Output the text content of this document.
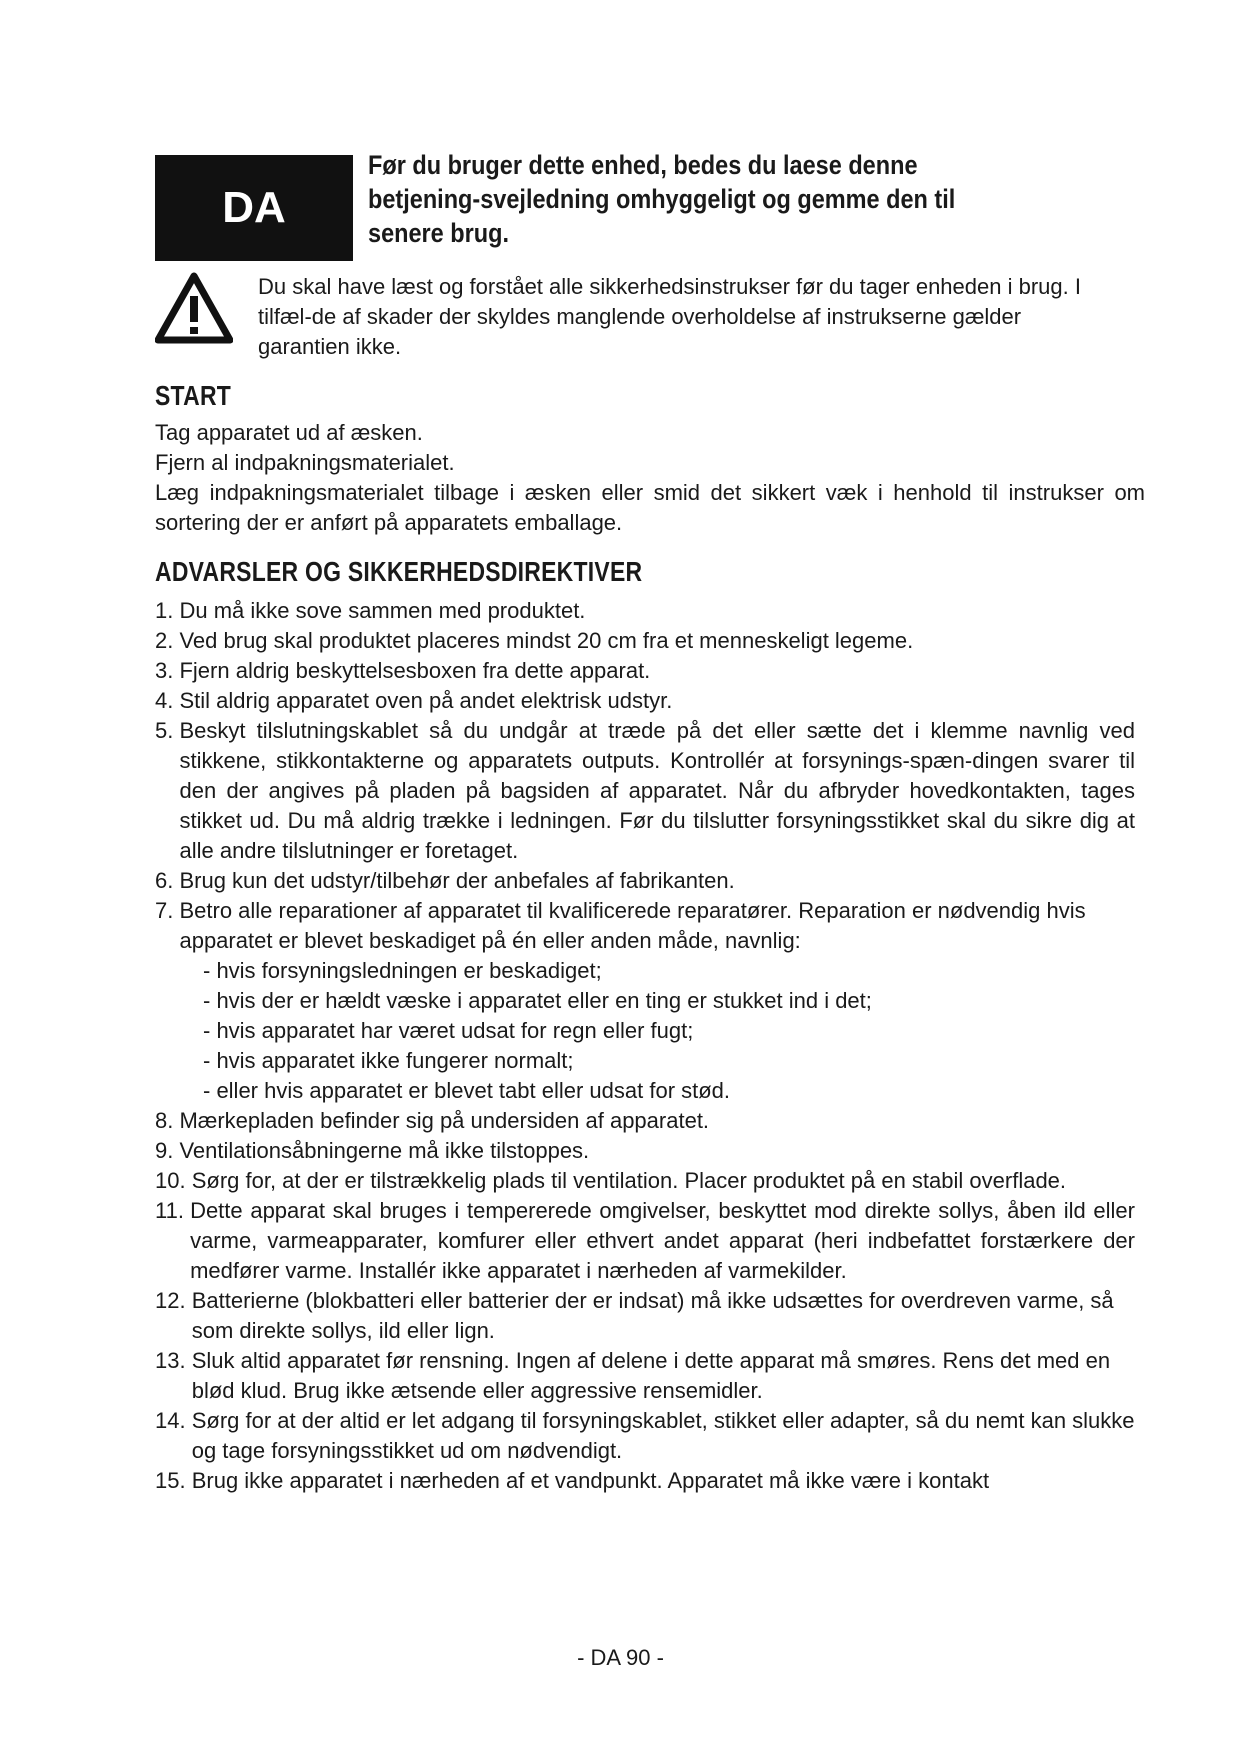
DA
Før du bruger dette enhed, bedes du laese denne betjening-svejledning omhyggeligt og gemme den til senere brug.
Du skal have læst og forstået alle sikkerhedsinstrukser før du tager enheden i brug. I tilfæl-de af skader der skyldes manglende overholdelse af instrukserne gælder garantien ikke.
START
Tag apparatet ud af æsken.
Fjern al indpakningsmaterialet.
Læg indpakningsmaterialet tilbage i æsken eller smid det sikkert væk i henhold til instrukser om sortering der er anført på apparatets emballage.
ADVARSLER OG SIKKERHEDSDIREKTIVER
1. Du må ikke sove sammen med produktet.
2. Ved brug skal produktet placeres mindst 20 cm fra et menneskeligt legeme.
3. Fjern aldrig beskyttelsesboxen fra dette apparat.
4. Stil aldrig apparatet oven på andet elektrisk udstyr.
5. Beskyt tilslutningskablet så du undgår at træde på det eller sætte det i klemme navnlig ved stikkene, stikkontakterne og apparatets outputs. Kontrollér at forsynings-spæn-dingen svarer til den der angives på pladen på bagsiden af apparatet. Når du afbryder hovedkontakten, tages stikket ud. Du må aldrig trække i ledningen. Før du tilslutter forsyningsstikket skal du sikre dig at alle andre tilslutninger er foretaget.
6. Brug kun det udstyr/tilbehør der anbefales af fabrikanten.
7. Betro alle reparationer af apparatet til kvalificerede reparatører. Reparation er nødvendig hvis apparatet er blevet beskadiget på én eller anden måde, navnlig:
- hvis forsyningsledningen er beskadiget;
- hvis der er hældt væske i apparatet eller en ting er stukket ind i det;
- hvis apparatet har været udsat for regn eller fugt;
- hvis apparatet ikke fungerer normalt;
- eller hvis apparatet er blevet tabt eller udsat for stød.
8. Mærkepladen befinder sig på undersiden af apparatet.
9. Ventilationsåbningerne må ikke tilstoppes.
10. Sørg for, at der er tilstrækkelig plads til ventilation. Placer produktet på en stabil overflade.
11. Dette apparat skal bruges i tempererede omgivelser, beskyttet mod direkte sollys, åben ild eller varme, varmeapparater, komfurer eller ethvert andet apparat (heri indbefattet forstærkere der medfører varme. Installér ikke apparatet i nærheden af varmekilder.
12. Batterierne (blokbatteri eller batterier der er indsat) må ikke udsættes for overdreven varme, så som direkte sollys, ild eller lign.
13. Sluk altid apparatet før rensning. Ingen af delene i dette apparat må smøres. Rens det med en blød klud. Brug ikke ætsende eller aggressive rensemidler.
14. Sørg for at der altid er let adgang til forsyningskablet, stikket eller adapter, så du nemt kan slukke og tage forsyningsstikket ud om nødvendigt.
15. Brug ikke apparatet i nærheden af et vandpunkt. Apparatet må ikke være i kontakt
- DA 90 -
